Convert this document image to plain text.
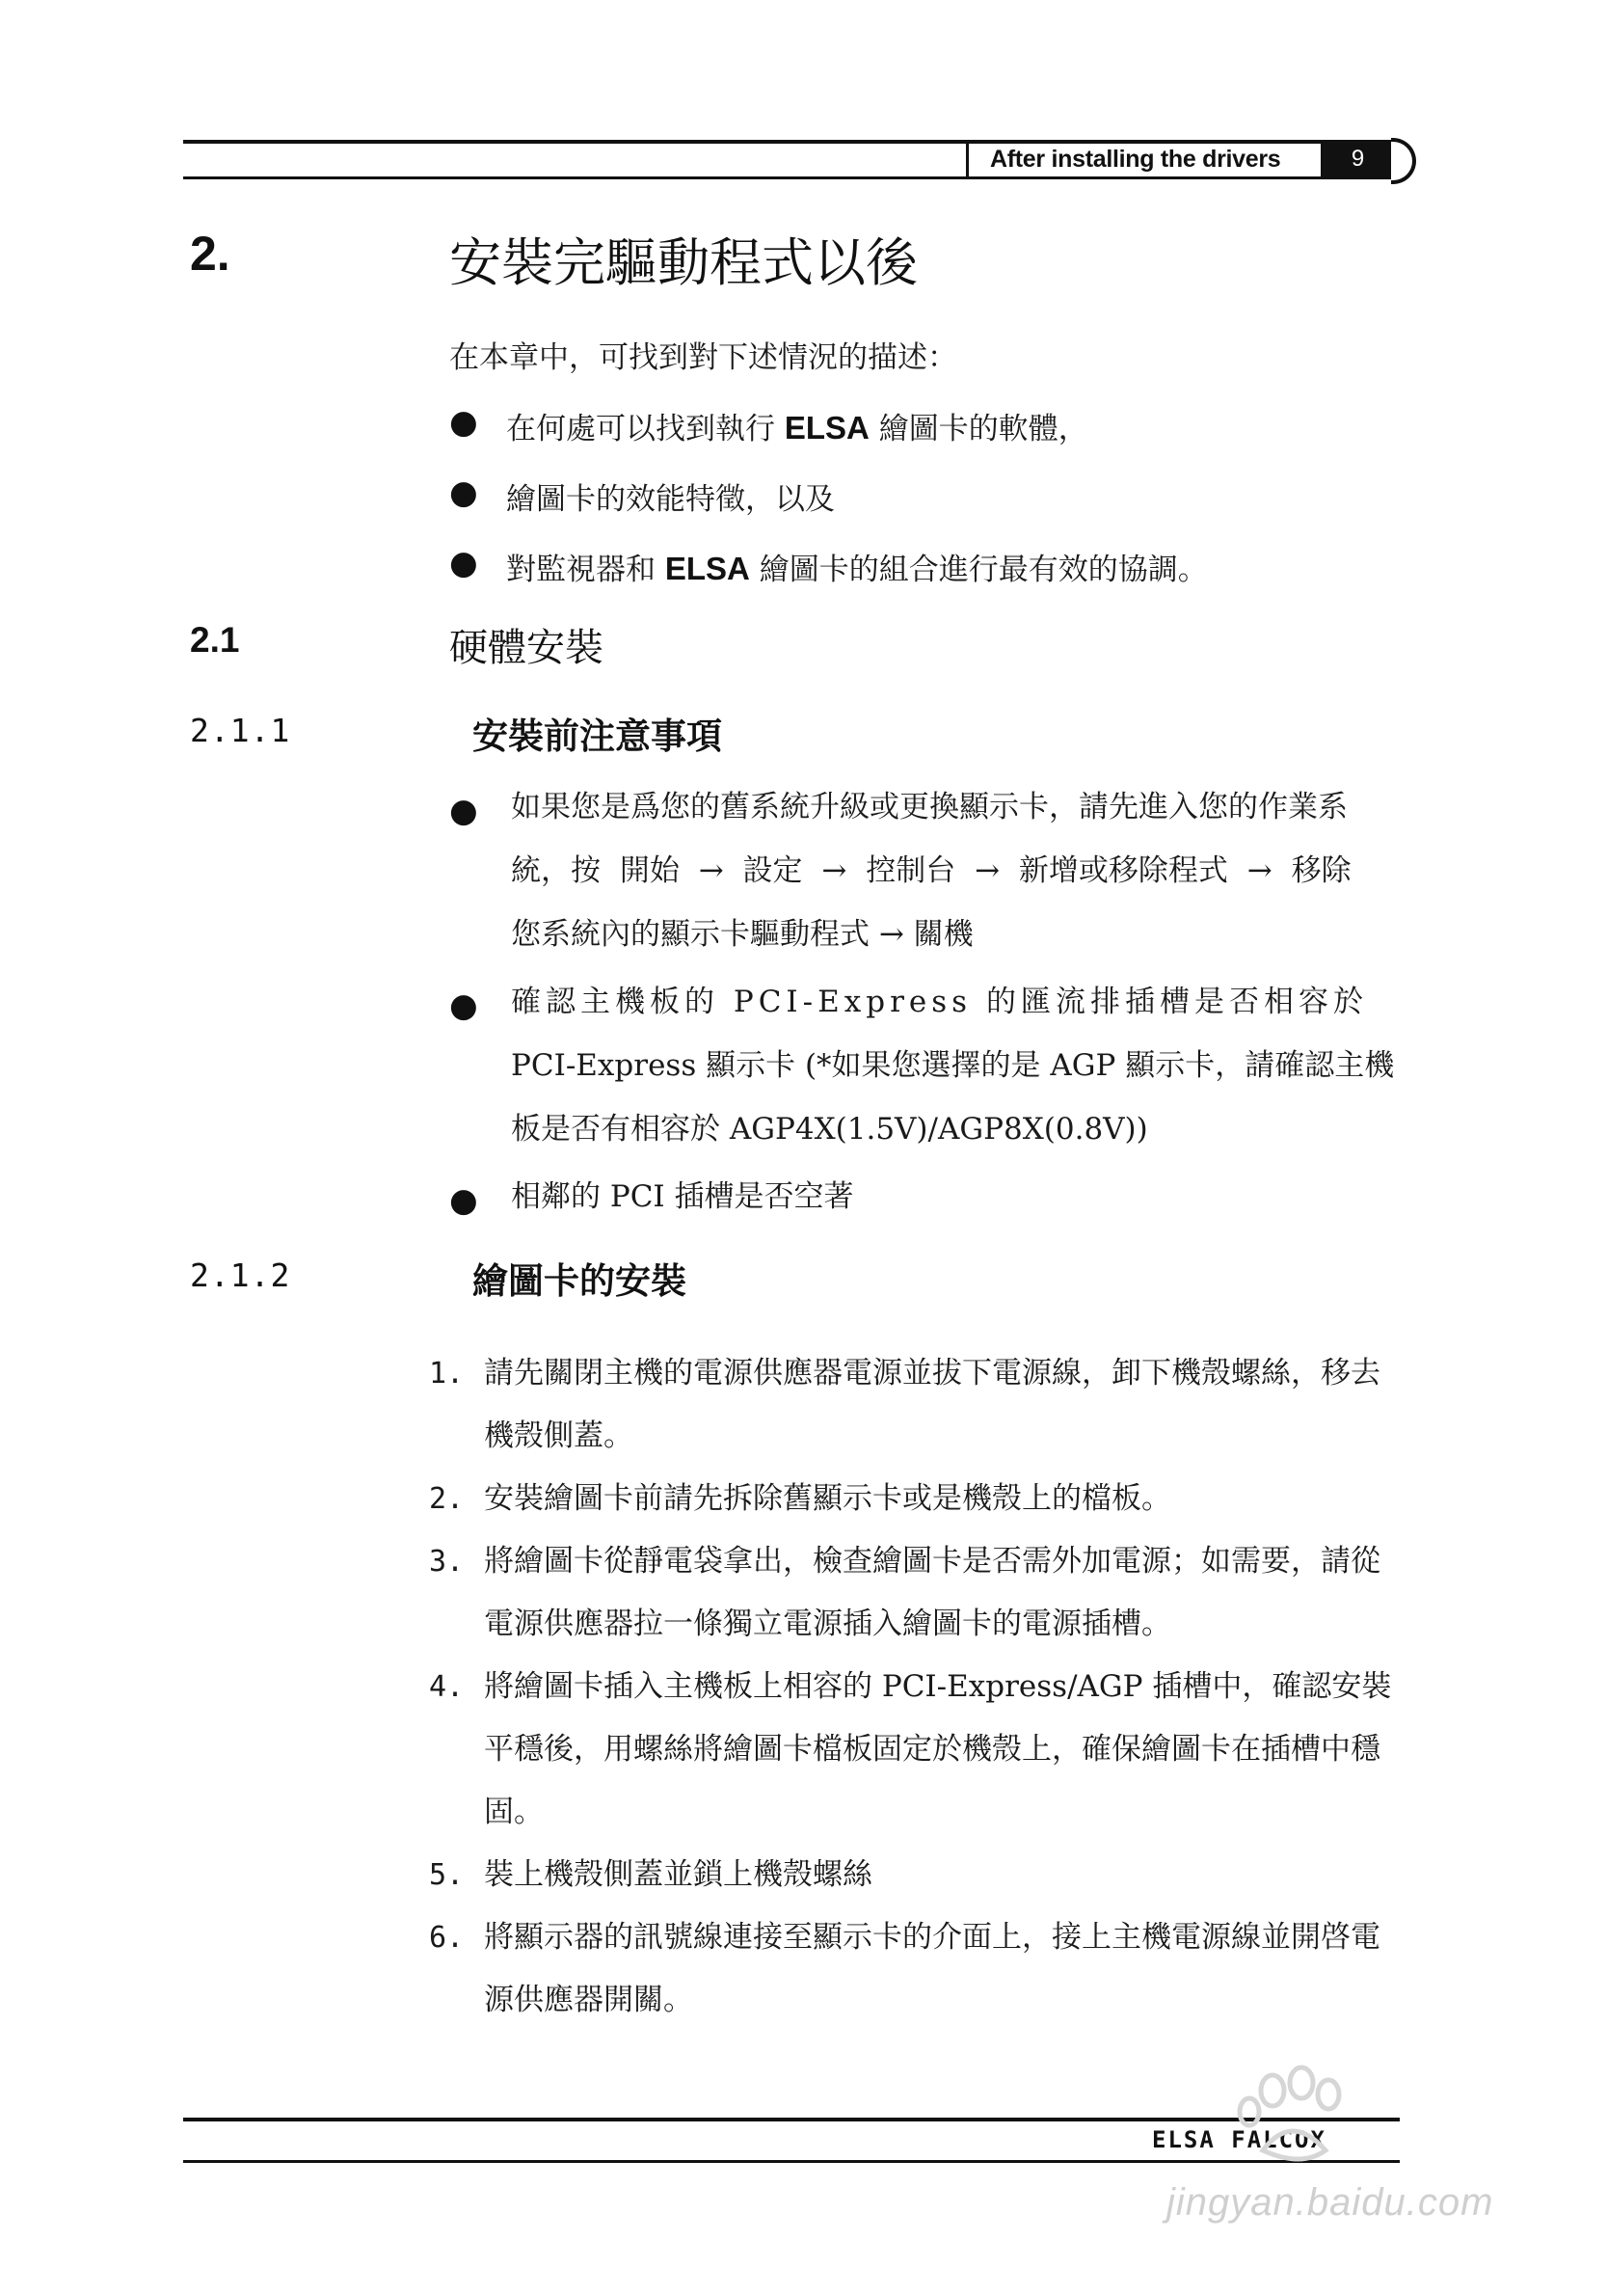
After installing the drivers	9
2.	安裝完驅動程式以後
在本章中，可找到對下述情況的描述：
● 在何處可以找到執行 ELSA 繪圖卡的軟體，
● 繪圖卡的效能特徵，以及
● 對監視器和 ELSA 繪圖卡的組合進行最有效的協調。
2.1	硬體安裝
2.1.1	安裝前注意事項
● 如果您是爲您的舊系統升級或更換顯示卡，請先進入您的作業系
統，按 開始 → 設定 → 控制台 → 新增或移除程式 → 移除
您系統內的顯示卡驅動程式 → 關機
● 確認主機板的 PCI-Express 的匯流排插槽是否相容於
PCI-Express 顯示卡 (*如果您選擇的是 AGP 顯示卡，請確認主機
板是否有相容於 AGP4X(1.5V)/AGP8X(0.8V))
● 相鄰的 PCI 插槽是否空著
2.1.2	繪圖卡的安裝
1. 請先關閉主機的電源供應器電源並拔下電源線，卸下機殼螺絲，移去機殼側蓋。
2. 安裝繪圖卡前請先拆除舊顯示卡或是機殼上的檔板。
3. 將繪圖卡從靜電袋拿出，檢查繪圖卡是否需外加電源；如需要，請從電源供應器拉一條獨立電源插入繪圖卡的電源插槽。
4. 將繪圖卡插入主機板上相容的 PCI-Express/AGP 插槽中，確認安裝平穩後，用螺絲將繪圖卡檔板固定於機殼上，確保繪圖卡在插槽中穩固。
5. 裝上機殼側蓋並鎖上機殼螺絲
6. 將顯示器的訊號線連接至顯示卡的介面上，接上主機電源線並開啓電源供應器開關。
ELSA FALCOX
jingyan.baidu.com
